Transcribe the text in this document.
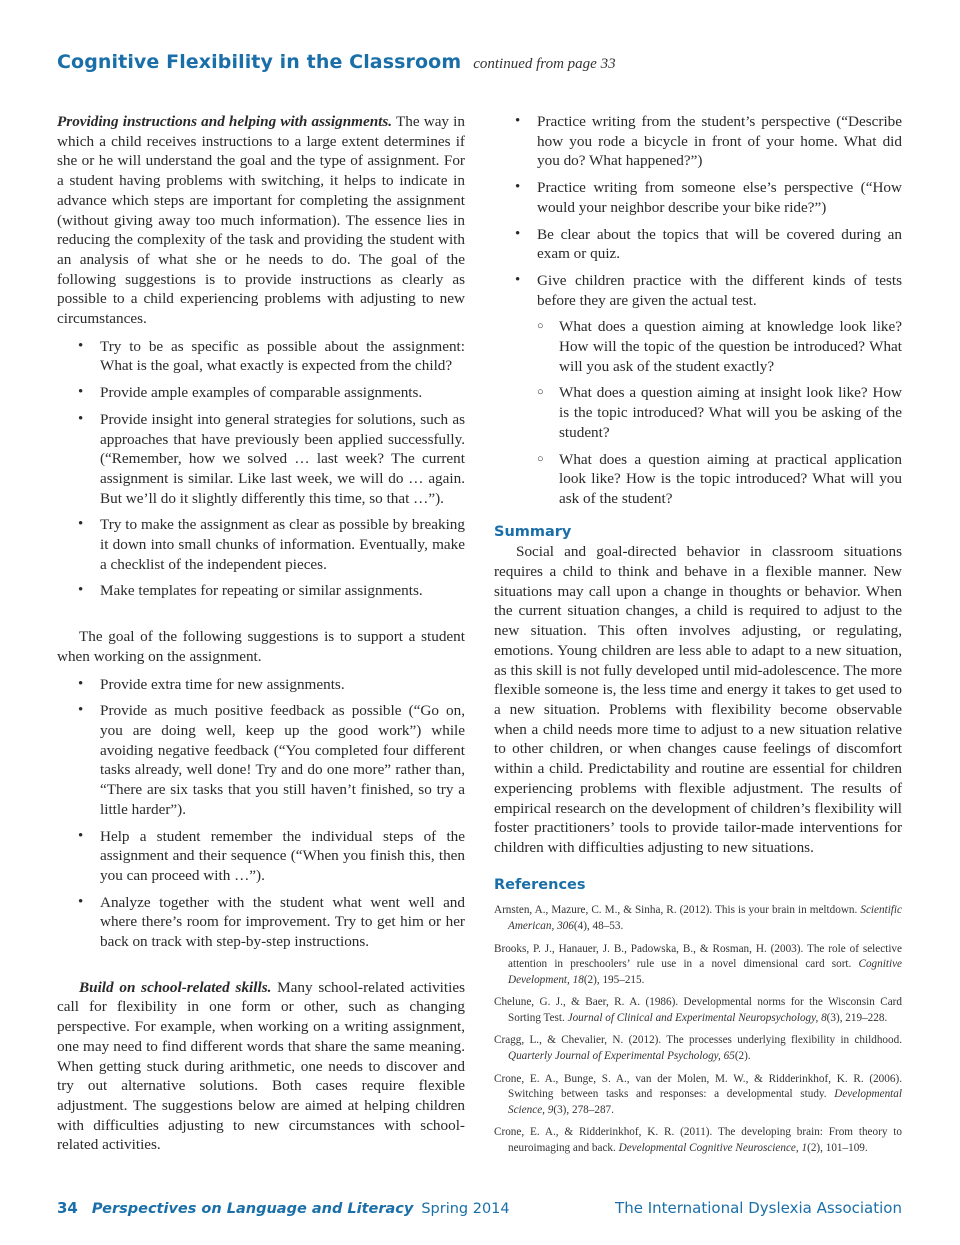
Cognitive Flexibility in the Classroom continued from page 33

Providing instructions and helping with assignments. The way in which a child receives instructions to a large extent determines if she or he will understand the goal and the type of assignment. For a student having problems with switching, it helps to indicate in advance which steps are important for completing the assignment (without giving away too much information). The essence lies in reducing the complexity of the task and providing the student with an analysis of what she or he needs to do. The goal of the following suggestions is to provide instructions as clearly as possible to a child experiencing problems with adjusting to new circumstances.

• Try to be as specific as possible about the assignment: What is the goal, what exactly is expected from the child?
• Provide ample examples of comparable assignments.
• Provide insight into general strategies for solutions, such as approaches that have previously been applied successfully. (“Remember, how we solved … last week? The current assignment is similar. Like last week, we will do … again. But we’ll do it slightly differently this time, so that …”).
• Try to make the assignment as clear as possible by breaking it down into small chunks of information. Eventually, make a checklist of the independent pieces.
• Make templates for repeating or similar assignments.

The goal of the following suggestions is to support a student when working on the assignment.

• Provide extra time for new assignments.
• Provide as much positive feedback as possible (“Go on, you are doing well, keep up the good work”) while avoiding negative feedback (“You completed four different tasks already, well done! Try and do one more” rather than, “There are six tasks that you still haven’t finished, so try a little harder”).
• Help a student remember the individual steps of the assignment and their sequence (“When you finish this, then you can proceed with …”).
• Analyze together with the student what went well and where there’s room for improvement. Try to get him or her back on track with step-by-step instructions.

Build on school-related skills. Many school-related activities call for flexibility in one form or other, such as changing perspective. For example, when working on a writing assignment, one may need to find different words that share the same meaning. When getting stuck during arithmetic, one needs to discover and try out alternative solutions. Both cases require flexible adjustment. The suggestions below are aimed at helping children with difficulties adjusting to new circumstances with school-related activities.

• Practice writing from the student’s perspective (“Describe how you rode a bicycle in front of your home. What did you do? What happened?”)
• Practice writing from someone else’s perspective (“How would your neighbor describe your bike ride?”)
• Be clear about the topics that will be covered during an exam or quiz.
• Give children practice with the different kinds of tests before they are given the actual test.
○ What does a question aiming at knowledge look like? How will the topic of the question be introduced? What will you ask of the student exactly?
○ What does a question aiming at insight look like? How is the topic introduced? What will you be asking of the student?
○ What does a question aiming at practical application look like? How is the topic introduced? What will you ask of the student?
Summary

Social and goal-directed behavior in classroom situations requires a child to think and behave in a flexible manner. New situations may call upon a change in thoughts or behavior. When the current situation changes, a child is required to adjust to the new situation. This often involves adjusting, or regulating, emotions. Young children are less able to adapt to a new situation, as this skill is not fully developed until mid-adolescence. The more flexible someone is, the less time and energy it takes to get used to a new situation. Problems with flexibility become observable when a child needs more time to adjust to a new situation relative to other children, or when changes cause feelings of discomfort within a child. Predictability and routine are essential for children experiencing problems with flexible adjustment. The results of empirical research on the development of children’s flexibility will foster practitioners’ tools to provide tailor-made interventions for children with difficulties adjusting to new situations.

References
Arnsten, A., Mazure, C. M., & Sinha, R. (2012). This is your brain in meltdown. Scientific American, 306(4), 48–53.
Brooks, P. J., Hanauer, J. B., Padowska, B., & Rosman, H. (2003). The role of selective attention in preschoolers’ rule use in a novel dimensional card sort. Cognitive Development, 18(2), 195–215.
Chelune, G. J., & Baer, R. A. (1986). Developmental norms for the Wisconsin Card Sorting Test. Journal of Clinical and Experimental Neuropsychology, 8(3), 219–228.
Cragg, L., & Chevalier, N. (2012). The processes underlying flexibility in childhood. Quarterly Journal of Experimental Psychology, 65(2).
Crone, E. A., Bunge, S. A., van der Molen, M. W., & Ridderinkhof, K. R. (2006). Switching between tasks and responses: a developmental study. Developmental Science, 9(3), 278–287.
Crone, E. A., & Ridderinkhof, K. R. (2011). The developing brain: From theory to neuroimaging and back. Developmental Cognitive Neuroscience, 1(2), 101–109.
34 Perspectives on Language and Literacy Spring 2014	The International Dyslexia Association
